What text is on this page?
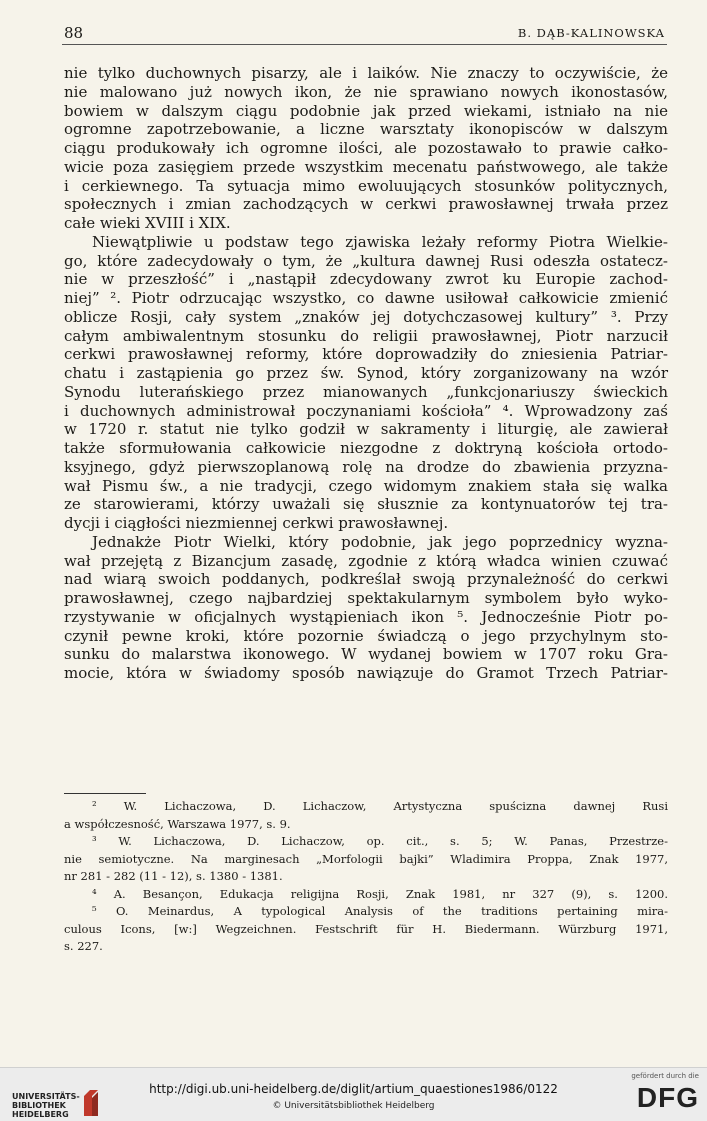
88	B. DĄB-KALINOWSKA
nie tylko duchownych pisarzy, ale i laików. Nie znaczy to oczywiście, że
nie malowano już nowych ikon, że nie sprawiano nowych ikonostasów,
bowiem w dalszym ciągu podobnie jak przed wiekami, istniało na nie
ogromne zapotrzebowanie, a liczne warsztaty ikonopisców w dalszym
ciągu produkowały ich ogromne ilości, ale pozostawało to prawie całko-
wicie poza zasięgiem przede wszystkim mecenatu państwowego, ale także
i cerkiewnego. Ta sytuacja mimo ewoluujących stosunków politycznych,
społecznych i zmian zachodzących w cerkwi prawosławnej trwała przez
całe wieki XVIII i XIX.
Niewątpliwie u podstaw tego zjawiska leżały reformy Piotra Wielkie-
go, które zadecydowały o tym, że „kultura dawnej Rusi odeszła ostatecz-
nie w przeszłość” i „nastąpił zdecydowany zwrot ku Europie zachod-
niej” ². Piotr odrzucając wszystko, co dawne usiłował całkowicie zmienić
oblicze Rosji, cały system „znaków jej dotychczasowej kultury” ³. Przy
całym ambiwalentnym stosunku do religii prawosławnej, Piotr narzucił
cerkwi prawosławnej reformy, które doprowadziły do zniesienia Patriar-
chatu i zastąpienia go przez św. Synod, który zorganizowany na wzór
Synodu luterańskiego przez mianowanych „funkcjonariuszy świeckich
i duchownych administrował poczynaniami kościoła” ⁴. Wprowadzony zaś
w 1720 r. statut nie tylko godził w sakramenty i liturgię, ale zawierał
także sformułowania całkowicie niezgodne z doktryną kościoła ortodo-
ksyjnego, gdyż pierwszoplanową rolę na drodze do zbawienia przyzna-
wał Pismu św., a nie tradycji, czego widomym znakiem stała się walka
ze starowierami, którzy uważali się słusznie za kontynuatorów tej tra-
dycji i ciągłości niezmiennej cerkwi prawosławnej.
Jednakże Piotr Wielki, który podobnie, jak jego poprzednicy wyzna-
wał przejętą z Bizancjum zasadę, zgodnie z którą władca winien czuwać
nad wiarą swoich poddanych, podkreślał swoją przynależność do cerkwi
prawosławnej, czego najbardziej spektakularnym symbolem było wyko-
rzystywanie w oficjalnych wystąpieniach ikon ⁵. Jednocześnie Piotr po-
czynił pewne kroki, które pozornie świadczą o jego przychylnym sto-
sunku do malarstwa ikonowego. W wydanej bowiem w 1707 roku Gra-
mocie, która w świadomy sposób nawiązuje do Gramot Trzech Patriar-
² W. Lichaczowa, D. Lichaczow, Artystyczna spuścizna dawnej Rusi
a współczesność, Warszawa 1977, s. 9.
³ W. Lichaczowa, D. Lichaczow, op. cit., s. 5; W. Panas, Przestrze-
nie semiotyczne. Na marginesach „Morfologii bajki” Wladimira Proppa, Znak 1977,
nr 281 - 282 (11 - 12), s. 1380 - 1381.
⁴ A. Besançon, Edukacja religijna Rosji, Znak 1981, nr 327 (9), s. 1200.
⁵ O. Meinardus, A typological Analysis of the traditions pertaining mira-
culous Icons, [w:] Wegzeichnen. Festschrift für H. Biedermann. Würzburg 1971,
s. 227.
UNIVERSITÄTS-
BIBLIOTHEK
HEIDELBERG
http://digi.ub.uni-heidelberg.de/diglit/artium_quaestiones1986/0122
© Universitätsbibliothek Heidelberg
gefördert durch die
DFG
